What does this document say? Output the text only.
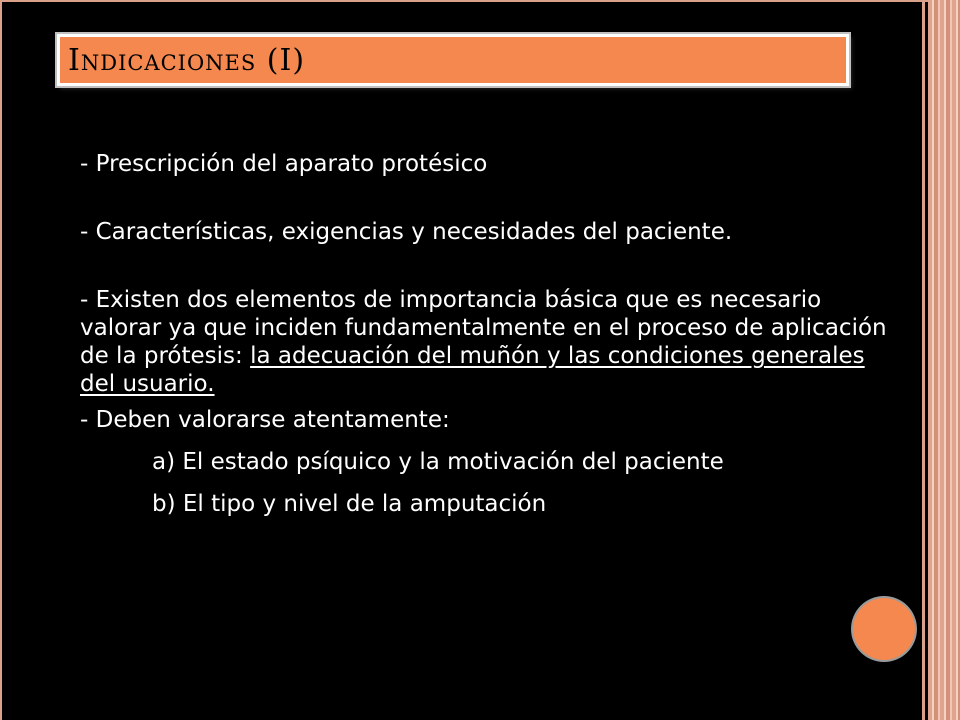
Indicaciones (I)

- Prescripción del aparato protésico

- Características, exigencias y necesidades del paciente.

- Existen dos elementos de importancia básica que es necesario valorar ya que inciden fundamentalmente en el proceso de aplicación de la prótesis: la adecuación del muñón y las condiciones generales del usuario.

- Deben valorarse atentamente:

a) El estado psíquico y la motivación del paciente

b) El tipo y nivel de la amputación
